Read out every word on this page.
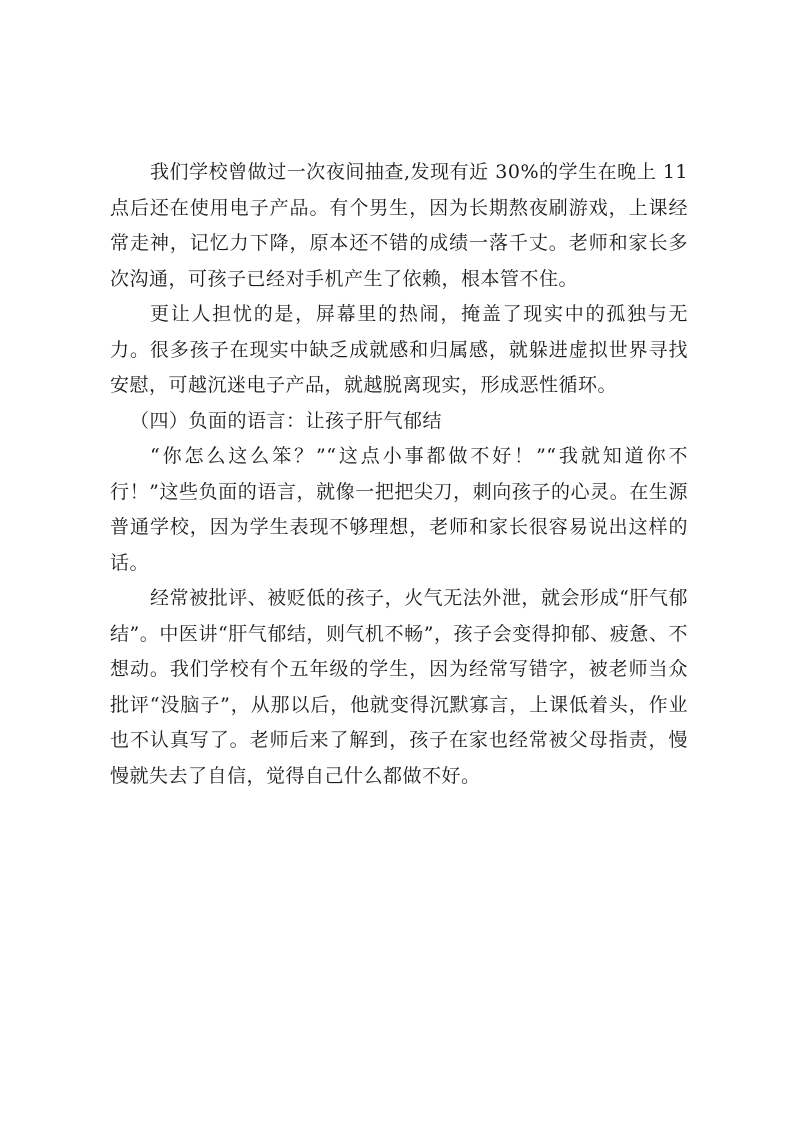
我们学校曾做过一次夜间抽查,发现有近 30%的学生在晚上 11 点后还在使用电子产品。有个男生，因为长期熬夜刷游戏，上课经常走神，记忆力下降，原本还不错的成绩一落千丈。老师和家长多次沟通，可孩子已经对手机产生了依赖，根本管不住。

更让人担忧的是，屏幕里的热闹，掩盖了现实中的孤独与无力。很多孩子在现实中缺乏成就感和归属感，就躲进虚拟世界寻找安慰，可越沉迷电子产品，就越脱离现实，形成恶性循环。

（四）负面的语言：让孩子肝气郁结

“你怎么这么笨？”“这点小事都做不好！”“我就知道你不行！”这些负面的语言，就像一把把尖刀，刺向孩子的心灵。在生源普通学校，因为学生表现不够理想，老师和家长很容易说出这样的话。

经常被批评、被贬低的孩子，火气无法外泄，就会形成“肝气郁结”。中医讲“肝气郁结，则气机不畅”，孩子会变得抑郁、疲惫、不想动。我们学校有个五年级的学生，因为经常写错字，被老师当众批评“没脑子”，从那以后，他就变得沉默寡言，上课低着头，作业也不认真写了。老师后来了解到，孩子在家也经常被父母指责，慢慢就失去了自信，觉得自己什么都做不好。
